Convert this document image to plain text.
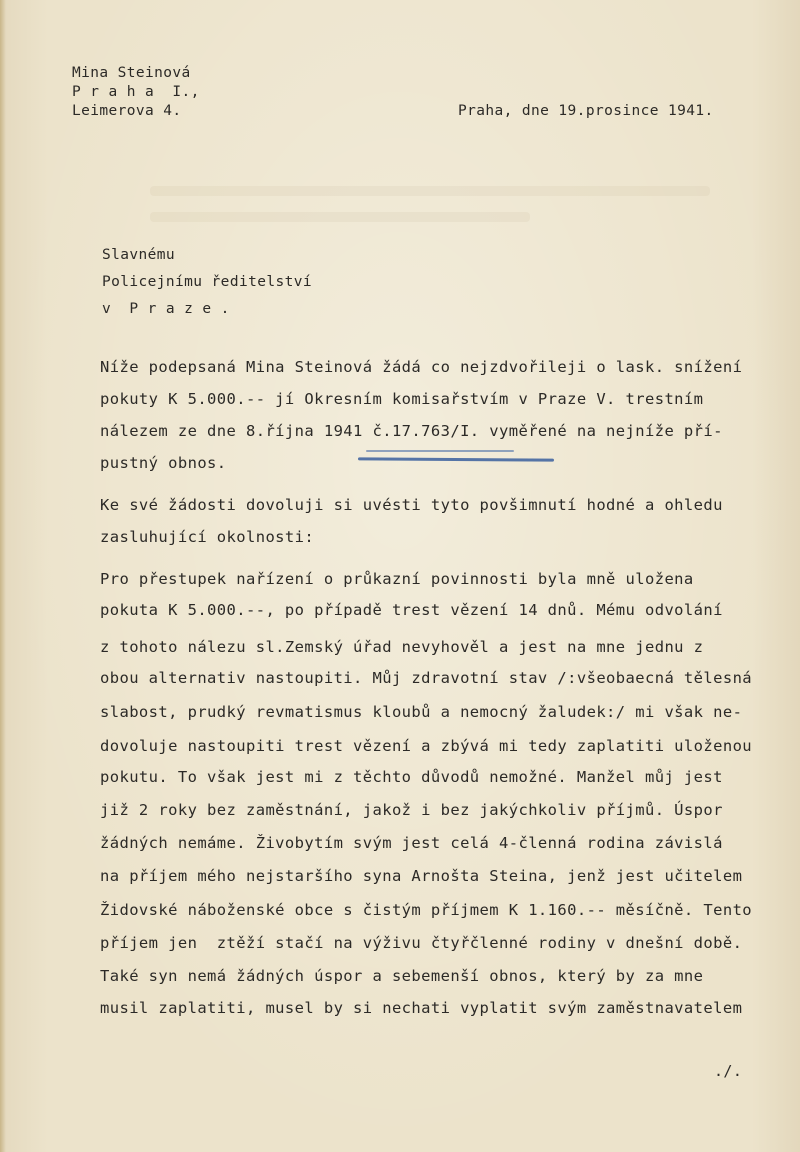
Mina Steinová
P r a h a  I.,
Leimerova 4.	Praha, dne 19.prosince 1941.
Slavnému
Policejnímu ředitelství
v  P r a z e .
Níže podepsaná Mina Steinová žádá co nejzdvořileji o lask. snížení
pokuty K 5.000.-- jí Okresním komisařstvím v Praze V. trestním
nálezem ze dne 8.října 1941 č.17.763/I. vyměřené na nejníže pří-
pustný obnos.
Ke své žádosti dovoluji si uvésti tyto povšimnutí hodné a ohledu
zasluhující okolnosti:
Pro přestupek nařízení o průkazní povinnosti byla mně uložena
pokuta K 5.000.--, po případě trest vězení 14 dnů. Mému odvolání
z tohoto nálezu sl.Zemský úřad nevyhověl a jest na mne jednu z
obou alternativ nastoupiti. Můj zdravotní stav /:všeobaecná tělesná
slabost, prudký revmatismus kloubů a nemocný žaludek:/ mi však ne-
dovoluje nastoupiti trest vězení a zbývá mi tedy zaplatiti uloženou
pokutu. To však jest mi z těchto důvodů nemožné. Manžel můj jest
již 2 roky bez zaměstnání, jakož i bez jakýchkoliv příjmů. Úspor
žádných nemáme. Živobytím svým jest celá 4-členná rodina závislá
na příjem mého nejstaršího syna Arnošta Steina, jenž jest učitelem
Židovské náboženské obce s čistým příjmem K 1.160.-- měsíčně. Tento
příjem jen  ztěží stačí na výživu čtyřčlenné rodiny v dnešní době.
Také syn nemá žádných úspor a sebemenší obnos, který by za mne
musil zaplatiti, musel by si nechati vyplatit svým zaměstnavatelem
./.
